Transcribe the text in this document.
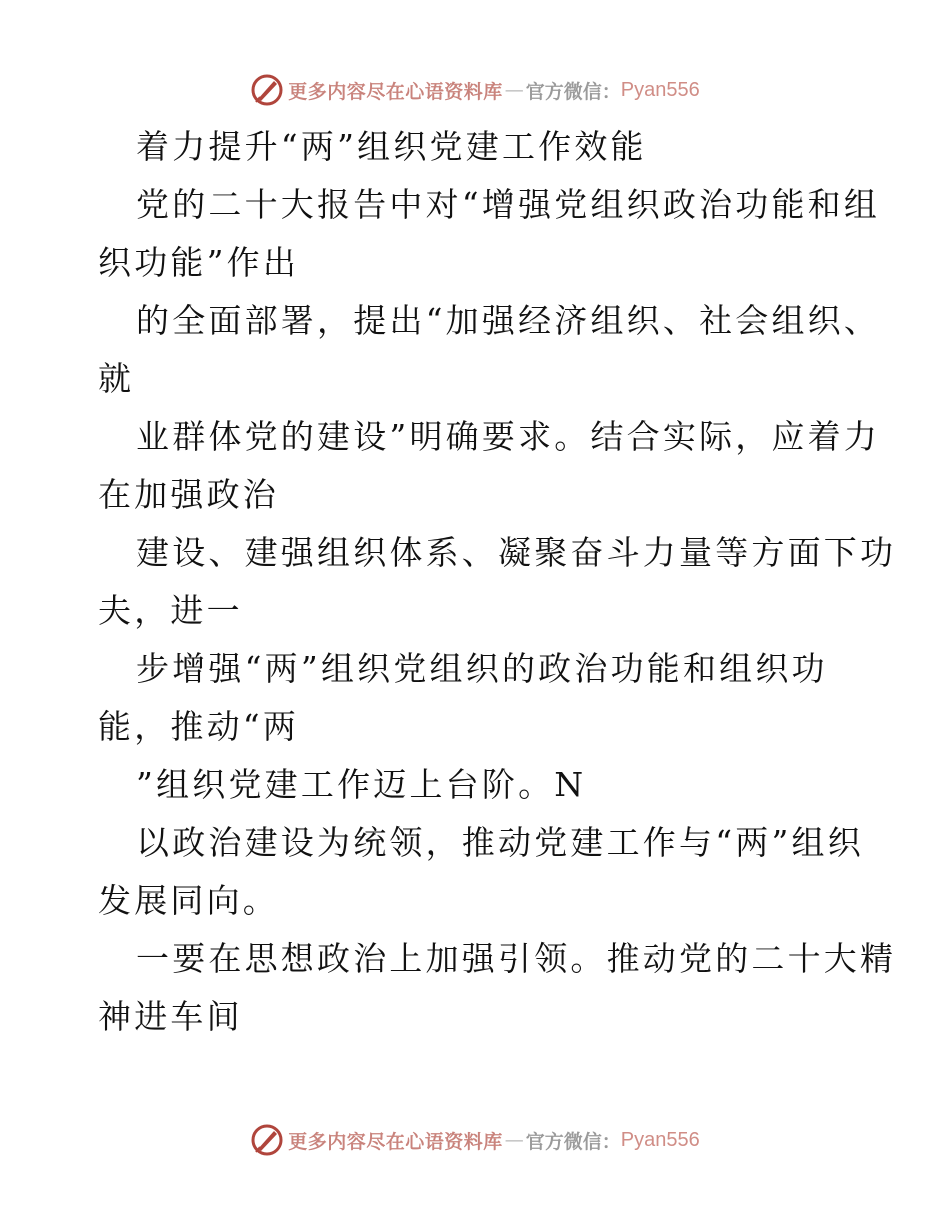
更多内容尽在心语资料库 — 官方微信： Pyan556
着力提升“两”组织党建工作效能
党的二十大报告中对“增强党组织政治功能和组
织功能”作出
的全面部署，提出“加强经济组织、社会组织、
就
业群体党的建设”明确要求。结合实际，应着力
在加强政治
建设、建强组织体系、凝聚奋斗力量等方面下功
夫，进一
步增强“两”组织党组织的政治功能和组织功
能，推动“两
”组织党建工作迈上台阶。N
以政治建设为统领，推动党建工作与“两”组织
发展同向。
一要在思想政治上加强引领。推动党的二十大精
神进车间
更多内容尽在心语资料库 — 官方微信： Pyan556
